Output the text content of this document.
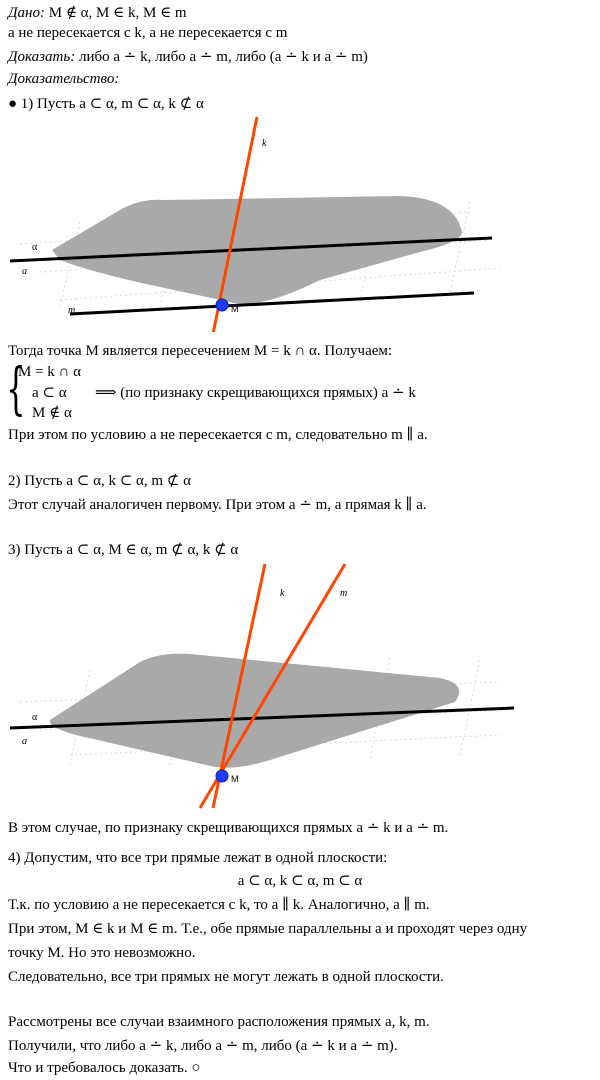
Дано: M ∉ α, M ∈ k, M ∈ m
a не пересекается с k, a не пересекается с m
Доказать: либо a ∸ k, либо a ∸ m, либо (a ∸ k и a ∸ m)
Доказательство:
● 1) Пусть a ⊂ α, m ⊂ α, k ⊄ α
k
α
a
m	M
Тогда точка M является пересечением M = k ∩ α. Получаем:
{
M = k ∩ α
a ⊂ α ⟹ (по признаку скрещивающихся прямых) a ∸ k
M ∉ α
При этом по условию a не пересекается с m, следовательно m ∥ a.
2) Пусть a ⊂ α, k ⊂ α, m ⊄ α
Этот случай аналогичен первому. При этом a ∸ m, а прямая k ∥ a.
3) Пусть a ⊂ α, M ∈ α, m ⊄ α, k ⊄ α
k	m
α
a
M
В этом случае, по признаку скрещивающихся прямых a ∸ k и a ∸ m.
4) Допустим, что все три прямые лежат в одной плоскости:
a ⊂ α, k ⊂ α, m ⊂ α
Т.к. по условию a не пересекается с k, то a ∥ k. Аналогично, a ∥ m.
При этом, M ∈ k и M ∈ m. Т.е., обе прямые параллельны a и проходят через одну
точку M. Но это невозможно.
Следовательно, все три прямых не могут лежать в одной плоскости.
Рассмотрены все случаи взаимного расположения прямых a, k, m.
Получили, что либо a ∸ k, либо a ∸ m, либо (a ∸ k и a ∸ m).
Что и требовалось доказать. ○
